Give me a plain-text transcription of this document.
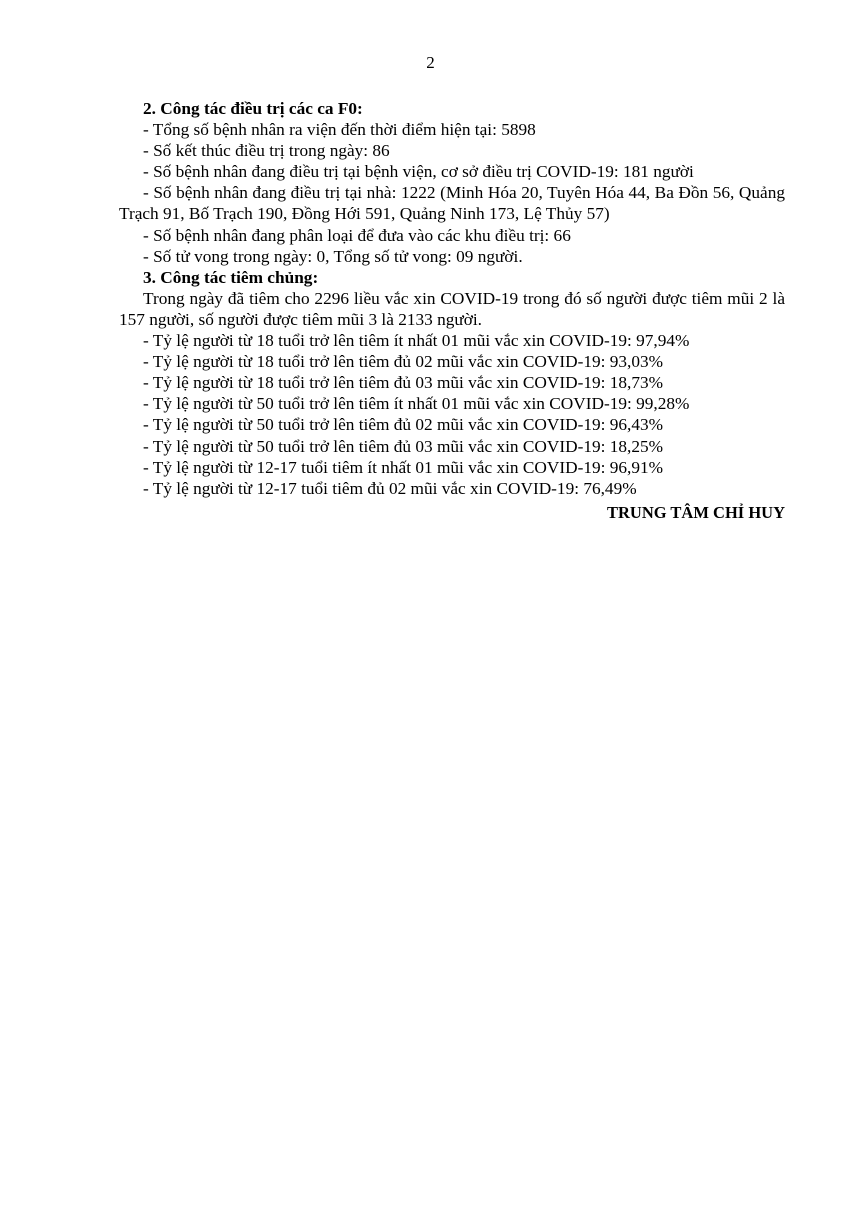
2

2. Công tác điều trị các ca F0:

- Tổng số bệnh nhân ra viện đến thời điểm hiện tại: 5898

- Số kết thúc điều trị trong ngày: 86

- Số bệnh nhân đang điều trị tại bệnh viện, cơ sở điều trị COVID-19: 181 người

- Số bệnh nhân đang điều trị tại nhà: 1222 (Minh Hóa 20, Tuyên Hóa 44, Ba Đồn 56, Quảng Trạch 91, Bố Trạch 190, Đồng Hới 591, Quảng Ninh 173, Lệ Thủy 57)

- Số bệnh nhân đang phân loại để đưa vào các khu điều trị: 66

- Số tử vong trong ngày: 0, Tổng số tử vong: 09 người.

3. Công tác tiêm chủng:

Trong ngày đã tiêm cho 2296 liều vắc xin COVID-19 trong đó số người được tiêm mũi 2 là 157 người, số người được tiêm mũi 3 là 2133 người.

- Tỷ lệ người từ 18 tuổi trở lên tiêm ít nhất 01 mũi vắc xin COVID-19: 97,94%

- Tỷ lệ người từ 18 tuổi trở lên tiêm đủ 02 mũi vắc xin COVID-19: 93,03%

- Tỷ lệ người từ 18 tuổi trở lên tiêm đủ 03 mũi vắc xin COVID-19: 18,73%

- Tỷ lệ người từ 50 tuổi trở lên tiêm ít nhất 01 mũi vắc xin COVID-19: 99,28%

- Tỷ lệ người từ 50 tuổi trở lên tiêm đủ 02 mũi vắc xin COVID-19: 96,43%

- Tỷ lệ người từ 50 tuổi trở lên tiêm đủ 03 mũi vắc xin COVID-19: 18,25%

- Tỷ lệ người từ 12-17 tuổi tiêm ít nhất 01 mũi vắc xin COVID-19: 96,91%

- Tỷ lệ người từ 12-17 tuổi tiêm đủ 02 mũi vắc xin COVID-19: 76,49%

TRUNG TÂM CHỈ HUY
